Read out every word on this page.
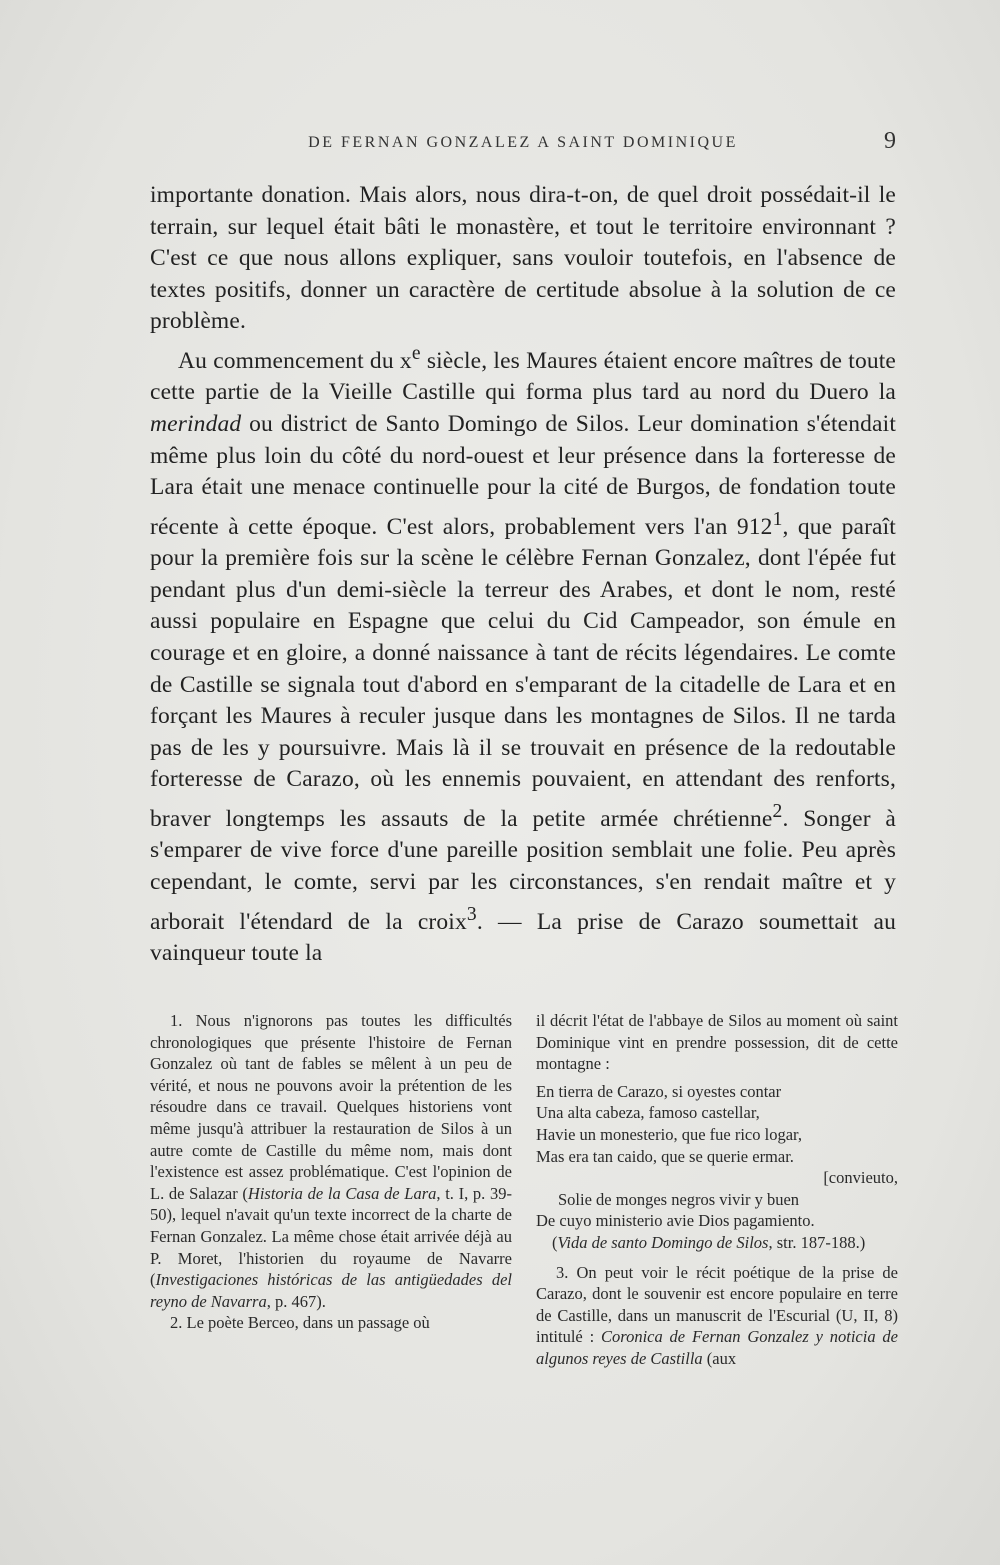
DE FERNAN GONZALEZ A SAINT DOMINIQUE	9

importante donation. Mais alors, nous dira-t-on, de quel droit possédait-il le terrain, sur lequel était bâti le monastère, et tout le territoire environnant ? C'est ce que nous allons expliquer, sans vouloir toutefois, en l'absence de textes positifs, donner un caractère de certitude absolue à la solution de ce problème.

Au commencement du $x^e$ siècle, les Maures étaient encore maîtres de toute cette partie de la Vieille Castille qui forma plus tard au nord du Duero la merindad ou district de Santo Domingo de Silos. Leur domination s'étendait même plus loin du côté du nord-ouest et leur présence dans la forteresse de Lara était une menace continuelle pour la cité de Burgos, de fondation toute récente à cette époque. C'est alors, probablement vers l'an $912^1$, que paraît pour la première fois sur la scène le célèbre Fernan Gonzalez, dont l'épée fut pendant plus d'un demi-siècle la terreur des Arabes, et dont le nom, resté aussi populaire en Espagne que celui du Cid Campeador, son émule en courage et en gloire, a donné naissance à tant de récits légendaires. Le comte de Castille se signala tout d'abord en s'emparant de la citadelle de Lara et en forçant les Maures à reculer jusque dans les montagnes de Silos. Il ne tarda pas de les y poursuivre. Mais là il se trouvait en présence de la redoutable forteresse de Carazo, où les ennemis pouvaient, en attendant des renforts, braver longtemps les assauts de la petite armée chrétienne$^2$. Songer à s'emparer de vive force d'une pareille position semblait une folie. Peu après cependant, le comte, servi par les circonstances, s'en rendait maître et y arborait l'étendard de la croix$^3$. — La prise de Carazo soumettait au vainqueur toute la

1. Nous n'ignorons pas toutes les difficultés chronologiques que présente l'histoire de Fernan Gonzalez où tant de fables se mêlent à un peu de vérité, et nous ne pouvons avoir la prétention de les résoudre dans ce travail. Quelques historiens vont même jusqu'à attribuer la restauration de Silos à un autre comte de Castille du même nom, mais dont l'existence est assez problématique. C'est l'opinion de L. de Salazar (Historia de la Casa de Lara, t. I, p. 39-50), lequel n'avait qu'un texte incorrect de la charte de Fernan Gonzalez. La même chose était arrivée déjà au P. Moret, l'historien du royaume de Navarre (Investigaciones históricas de las antigüedades del reyno de Navarra, p. 467).

2. Le poète Berceo, dans un passage où

il décrit l'état de l'abbaye de Silos au moment où saint Dominique vint en prendre possession, dit de cette montagne :

En tierra de Carazo, si oyestes contar
Una alta cabeza, famoso castellar,
Havie un monesterio, que fue rico logar,
Mas era tan caido, que se querie ermar.
[convieuto,
Solie de monges negros vivir y buen
De cuyo ministerio avie Dios pagamiento.

(Vida de santo Domingo de Silos, str. 187-188.)

3. On peut voir le récit poétique de la prise de Carazo, dont le souvenir est encore populaire en terre de Castille, dans un manuscrit de l'Escurial (U, II, 8) intitulé : Coronica de Fernan Gonzalez y noticia de algunos reyes de Castilla (aux
